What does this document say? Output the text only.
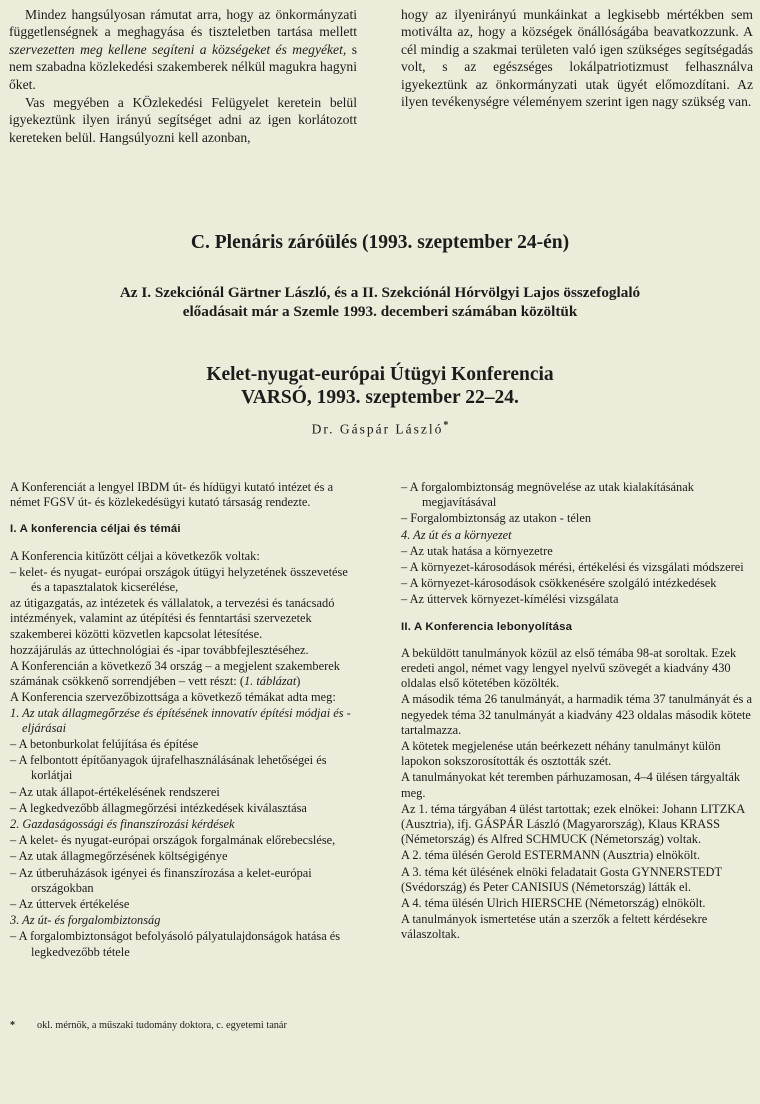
Mindez hangsúlyosan rámutat arra, hogy az önkormányzati függetlenségnek a meghagyása és tiszteletben tartása mellett szervezetten meg kellene segíteni a községeket és megyéket, s nem szabadna közlekedési szakemberek nélkül magukra hagyni őket.

Vas megyében a KÖzlekedési Felügyelet keretein belül igyekeztünk ilyen irányú segítséget adni az igen korlátozott kereteken belül. Hangsúlyozni kell azonban,

hogy az ilyenirányú munkáinkat a legkisebb mértékben sem motiválta az, hogy a községek önállóságába beavatkozzunk. A cél mindig a szakmai területen való igen szükséges segítségadás volt, s az egészséges lokálpatriotizmust felhasználva igyekeztünk az önkormányzati utak ügyét előmozdítani. Az ilyen tevékenységre véleményem szerint igen nagy szükség van.

C. Plenáris záróülés (1993. szeptember 24-én)
Az I. Szekciónál Gärtner László, és a II. Szekciónál Hórvölgyi Lajos összefoglaló
előadásait már a Szemle 1993. decemberi számában közöltük
Kelet-nyugat-európai Útügyi Konferencia
VARSÓ, 1993. szeptember 22–24.
Dr. Gáspár László*

A Konferenciát a lengyel IBDM út- és hídügyi kutató intézet és a német FGSV út- és közlekedésügyi kutató társaság rendezte.

I. A konferencia céljai és témái

A Konferencia kitűzött céljai a következők voltak:

– kelet- és nyugat- európai országok útügyi helyzetének összevetése és a tapasztalatok kicserélése,

az útigazgatás, az intézetek és vállalatok, a tervezési és tanácsadó intézmények, valamint az útépítési és fenntartási szervezetek szakemberei közötti közvetlen kapcsolat létesítése.

hozzájárulás az úttechnológiai és -ipar továbbfejlesztéséhez.

A Konferencián a következő 34 ország – a megjelent szakemberek számának csökkenő sorrendjében – vett részt: (1. táblázat)

A Konferencia szervezőbizottsága a következő témákat adta meg:

1. Az utak állagmegőrzése és építésének innovatív építési módjai és -eljárásai

– A betonburkolat felújítása és építése

– A felbontott építőanyagok újrafelhasználásának lehetőségei és korlátjai

– Az utak állapot-értékelésének rendszerei

– A legkedvezőbb állagmegőrzési intézkedések kiválasztása

2. Gazdaságossági és finanszírozási kérdések

– A kelet- és nyugat-európai országok forgalmának előrebecslése,

– Az utak állagmegőrzésének költségigénye

– Az útberuházások igényei és finanszírozása a kelet-európai országokban

– Az úttervek értékelése

3. Az út- és forgalombiztonság

– A forgalombiztonságot befolyásoló pályatulajdonságok hatása és legkedvezőbb tétele

* okl. mérnök, a műszaki tudomány doktora, c. egyetemi tanár

– A forgalombiztonság megnövelése az utak kialakításának megjavításával

– Forgalombiztonság az utakon - télen

4. Az út és a környezet

– Az utak hatása a környezetre

– A környezet-károsodások mérési, értékelési és vizsgálati módszerei

– A környezet-károsodások csökkenésére szolgáló intézkedések

– Az úttervek környezet-kímélési vizsgálata

II. A Konferencia lebonyolítása

A beküldött tanulmányok közül az első témába 98-at soroltak. Ezek eredeti angol, német vagy lengyel nyelvű szövegét a kiadvány 430 oldalas első kötetében közölték.

A második téma 26 tanulmányát, a harmadik téma 37 tanulmányát és a negyedek téma 32 tanulmányát a kiadvány 423 oldalas második kötete tartalmazza.

A kötetek megjelenése után beérkezett néhány tanulmányt külön lapokon sokszorosították és osztották szét.

A tanulmányokat két teremben párhuzamosan, 4–4 ülésen tárgyalták meg.

Az 1. téma tárgyában 4 ülést tartottak; ezek elnökei: Johann LITZKA (Ausztria), ifj. GÁSPÁR László (Magyarország), Klaus KRASS (Németország) és Alfred SCHMUCK (Németország) voltak.

A 2. téma ülésén Gerold ESTERMANN (Ausztria) elnökölt.

A 3. téma két ülésének elnöki feladatait Gosta GYNNERSTEDT (Svédország) és Peter CANISIUS (Németország) látták el.

A 4. téma ülésén Ulrich HIERSCHE (Németország) elnökölt.

A tanulmányok ismertetése után a szerzők a feltett kérdésekre válaszoltak.
